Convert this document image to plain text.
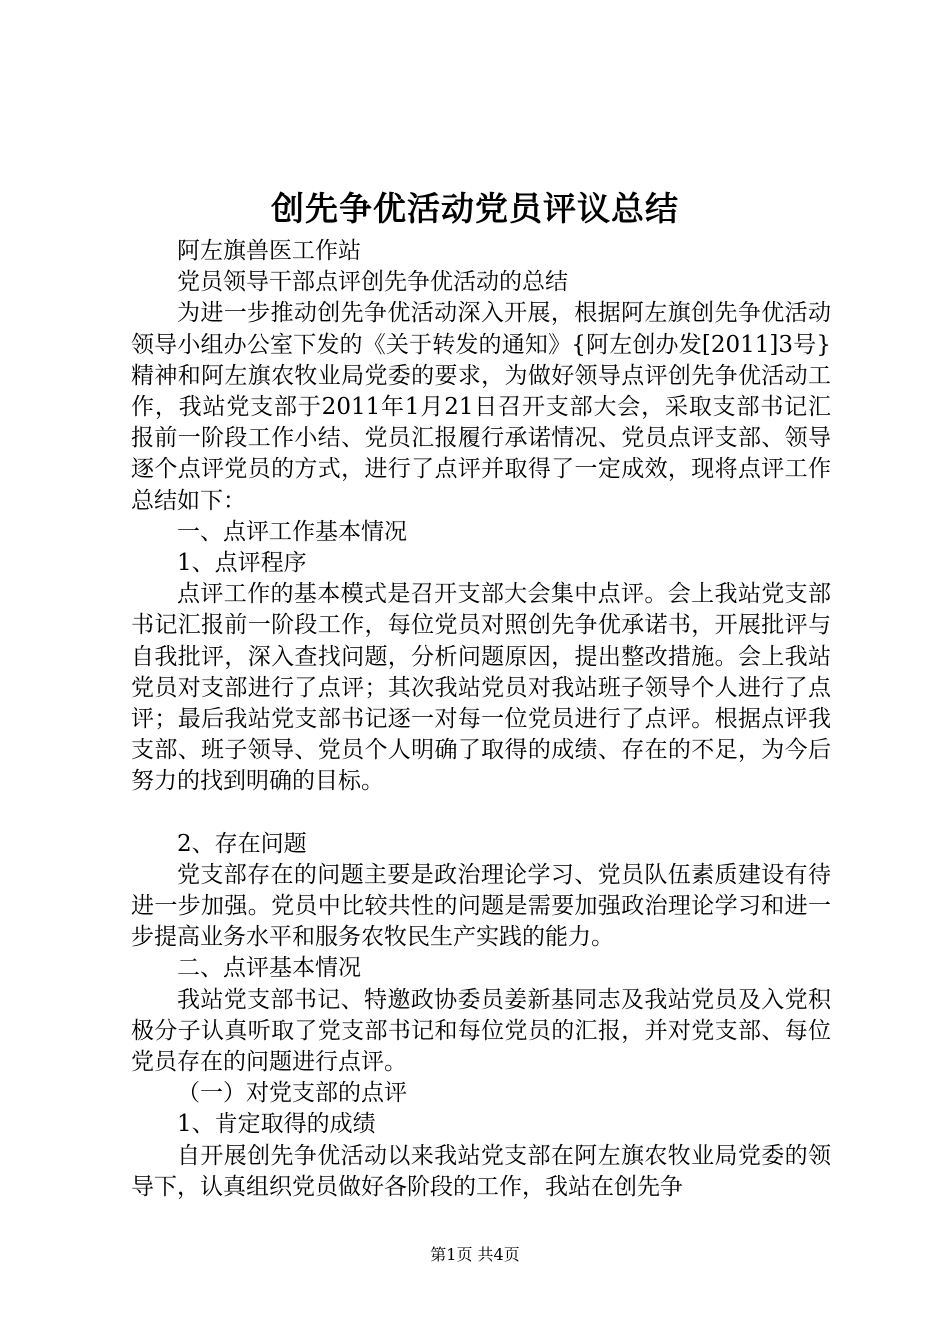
创先争优活动党员评议总结

阿左旗兽医工作站

党员领导干部点评创先争优活动的总结

为进一步推动创先争优活动深入开展，根据阿左旗创先争优活动领导小组办公室下发的《关于转发的通知》{阿左创办发[2011]3号}精神和阿左旗农牧业局党委的要求，为做好领导点评创先争优活动工作，我站党支部于2011年1月21日召开支部大会，采取支部书记汇报前一阶段工作小结、党员汇报履行承诺情况、党员点评支部、领导逐个点评党员的方式，进行了点评并取得了一定成效，现将点评工作总结如下：

一、点评工作基本情况

1、点评程序

点评工作的基本模式是召开支部大会集中点评。会上我站党支部书记汇报前一阶段工作，每位党员对照创先争优承诺书，开展批评与自我批评，深入查找问题，分析问题原因，提出整改措施。会上我站党员对支部进行了点评；其次我站党员对我站班子领导个人进行了点评；最后我站党支部书记逐一对每一位党员进行了点评。根据点评我支部、班子领导、党员个人明确了取得的成绩、存在的不足，为今后努力的找到明确的目标。

2、存在问题

党支部存在的问题主要是政治理论学习、党员队伍素质建设有待进一步加强。党员中比较共性的问题是需要加强政治理论学习和进一步提高业务水平和服务农牧民生产实践的能力。

二、点评基本情况

我站党支部书记、特邀政协委员姜新基同志及我站党员及入党积极分子认真听取了党支部书记和每位党员的汇报，并对党支部、每位党员存在的问题进行点评。

（一）对党支部的点评

1、肯定取得的成绩

自开展创先争优活动以来我站党支部在阿左旗农牧业局党委的领导下，认真组织党员做好各阶段的工作，我站在创先争

第1页 共4页
